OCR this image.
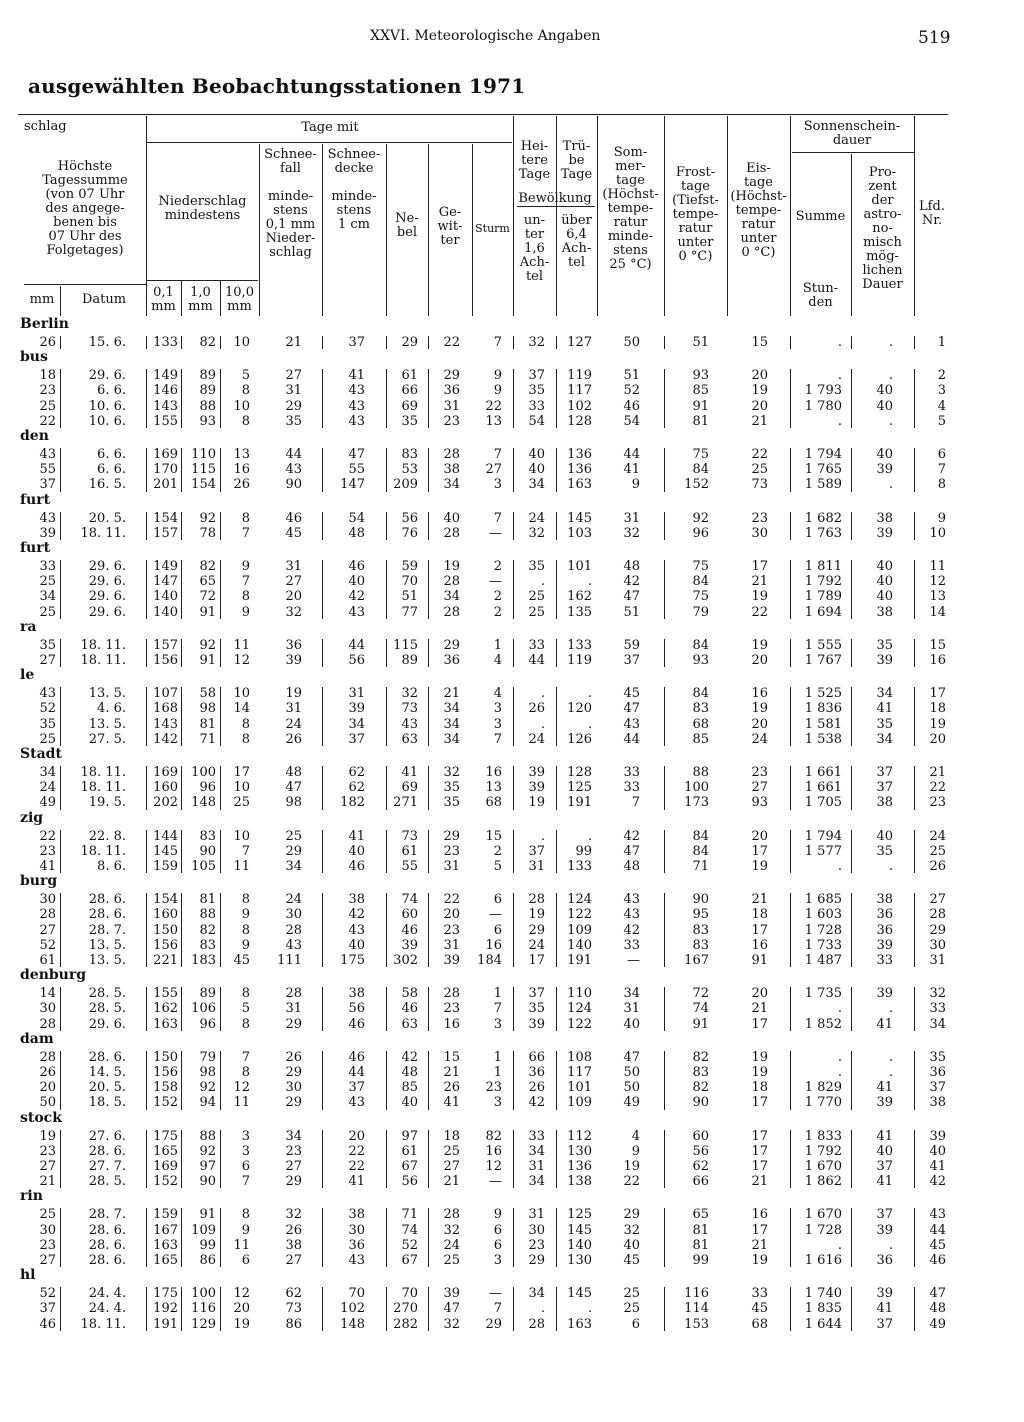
XXVI. Meteorologische Angaben	519
ausgewählten Beobachtungsstationen 1971
schlag	Tage mit
Höchste
Tagessumme
(von 07 Uhr
des angege-
benen bis
07 Uhr des
Folgetages)
mm	Datum
Niederschlag
mindestens
0,1
mm
1,0
mm
10,0
mm
Schnee-
fall

minde-
stens
0,1 mm
Nieder-
schlag
Schnee-
decke

minde-
stens
1 cm	Ne-
bel
Ge-
wit-
ter
Sturm
Hei-
tere
Tage
Trü-
be
Tage
Bewölkung
un-
ter
1,6
Ach-
tel
über
6,4
Ach-
tel
Som-
mer-
tage
(Höchst-
tempe-
ratur
minde-
stens
25 °C)
Frost-
tage
(Tiefst-
tempe-
ratur
unter
0 °C)
Eis-
tage
(Höchst-
tempe-
ratur
unter
0 °C)
Sonnenschein-
dauer
Summe
Stun-
den
Pro-
zent
der
astro-
no-
misch
mög-
lichen
Dauer
Lfd.
Nr.
Berlin
26	15. 6.	133	82	10	21	37	29	22	7	32	127	50	51	15	.	.	1
bus
18	29. 6.	149	89	5	27	41	61	29	9	37	119	51	93	20	.	.	2
23	6. 6.	146	89	8	31	43	66	36	9	35	117	52	85	19	1 793	40	3
25	10. 6.	143	88	10	29	43	69	31	22	33	102	46	91	20	1 780	40	4
22	10. 6.	155	93	8	35	43	35	23	13	54	128	54	81	21	.	.	5
den
43	6. 6.	169	110	13	44	47	83	28	7	40	136	44	75	22	1 794	40	6
55	6. 6.	170	115	16	43	55	53	38	27	40	136	41	84	25	1 765	39	7
37	16. 5.	201	154	26	90	147	209	34	3	34	163	9	152	73	1 589	.	8
furt
43	20. 5.	154	92	8	46	54	56	40	7	24	145	31	92	23	1 682	38	9
39	18. 11.	157	78	7	45	48	76	28	—	32	103	32	96	30	1 763	39	10
furt
33	29. 6.	149	82	9	31	46	59	19	2	35	101	48	75	17	1 811	40	11
25	29. 6.	147	65	7	27	40	70	28	—	.	.	42	84	21	1 792	40	12
34	29. 6.	140	72	8	20	42	51	34	2	25	162	47	75	19	1 789	40	13
25	29. 6.	140	91	9	32	43	77	28	2	25	135	51	79	22	1 694	38	14
ra
35	18. 11.	157	92	11	36	44	115	29	1	33	133	59	84	19	1 555	35	15
27	18. 11.	156	91	12	39	56	89	36	4	44	119	37	93	20	1 767	39	16
le
43	13. 5.	107	58	10	19	31	32	21	4	.	.	45	84	16	1 525	34	17
52	4. 6.	168	98	14	31	39	73	34	3	26	120	47	83	19	1 836	41	18
35	13. 5.	143	81	8	24	34	43	34	3	.	.	43	68	20	1 581	35	19
25	27. 5.	142	71	8	26	37	63	34	7	24	126	44	85	24	1 538	34	20
Stadt
34	18. 11.	169	100	17	48	62	41	32	16	39	128	33	88	23	1 661	37	21
24	18. 11.	160	96	10	47	62	69	35	13	39	125	33	100	27	1 661	37	22
49	19. 5.	202	148	25	98	182	271	35	68	19	191	7	173	93	1 705	38	23
zig
22	22. 8.	144	83	10	25	41	73	29	15	.	.	42	84	20	1 794	40	24
23	18. 11.	145	90	7	29	40	61	23	2	37	99	47	84	17	1 577	35	25
41	8. 6.	159	105	11	34	46	55	31	5	31	133	48	71	19	.	.	26
burg
30	28. 6.	154	81	8	24	38	74	22	6	28	124	43	90	21	1 685	38	27
28	28. 6.	160	88	9	30	42	60	20	—	19	122	43	95	18	1 603	36	28
27	28. 7.	150	82	8	28	43	46	23	6	29	109	42	83	17	1 728	36	29
52	13. 5.	156	83	9	43	40	39	31	16	24	140	33	83	16	1 733	39	30
61	13. 5.	221	183	45	111	175	302	39	184	17	191	—	167	91	1 487	33	31
denburg
14	28. 5.	155	89	8	28	38	58	28	1	37	110	34	72	20	1 735	39	32
30	28. 5.	162	106	5	31	56	46	23	7	35	124	31	74	21	.	.	33
28	29. 6.	163	96	8	29	46	63	16	3	39	122	40	91	17	1 852	41	34
dam
28	28. 6.	150	79	7	26	46	42	15	1	66	108	47	82	19	.	.	35
26	14. 5.	156	98	8	29	44	48	21	1	36	117	50	83	19	.	.	36
20	20. 5.	158	92	12	30	37	85	26	23	26	101	50	82	18	1 829	41	37
50	18. 5.	152	94	11	29	43	40	41	3	42	109	49	90	17	1 770	39	38
stock
19	27. 6.	175	88	3	34	20	97	18	82	33	112	4	60	17	1 833	41	39
23	28. 6.	165	92	3	23	22	61	25	16	34	130	9	56	17	1 792	40	40
27	27. 7.	169	97	6	27	22	67	27	12	31	136	19	62	17	1 670	37	41
21	28. 5.	152	90	7	29	41	56	21	—	34	138	22	66	21	1 862	41	42
rin
25	28. 7.	159	91	8	32	38	71	28	9	31	125	29	65	16	1 670	37	43
30	28. 6.	167	109	9	26	30	74	32	6	30	145	32	81	17	1 728	39	44
23	28. 6.	163	99	11	38	36	52	24	6	23	140	40	81	21	.	.	45
27	28. 6.	165	86	6	27	43	67	25	3	29	130	45	99	19	1 616	36	46
hl
52	24. 4.	175	100	12	62	70	70	39	—	34	145	25	116	33	1 740	39	47
37	24. 4.	192	116	20	73	102	270	47	7	.	.	25	114	45	1 835	41	48
46	18. 11.	191	129	19	86	148	282	32	29	28	163	6	153	68	1 644	37	49
